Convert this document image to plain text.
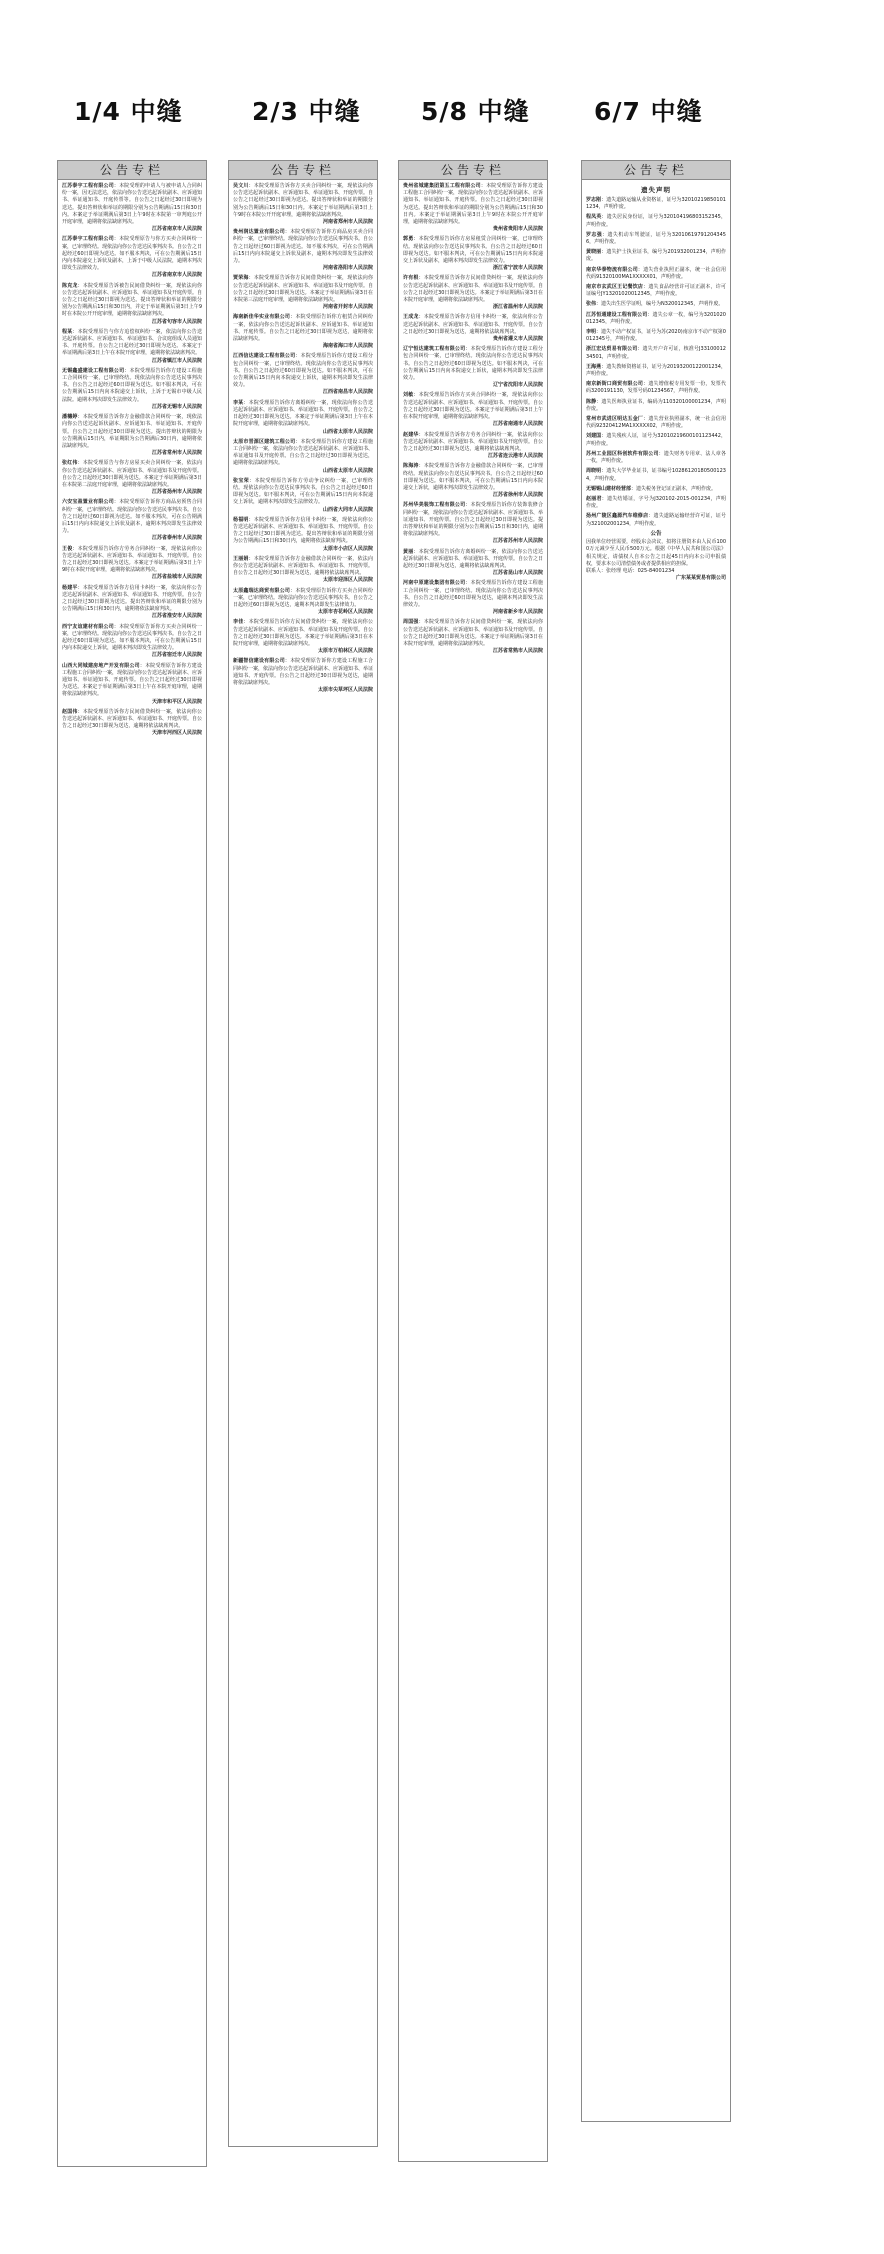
1/4 中缝	2/3 中缝 5/8 中缝	6/7 中缝
公告专栏
江苏泰宇工程有限公司：本院受理的申请人与被申请人合同纠纷一案，因无法送达，依法向你公告送达起诉状副本、应诉通知书、举证通知书、开庭传票等。自公告之日起经过30日即视为送达。提出答辩状和举证的期限分别为公告期满后15日和30日内。本案定于举证期满后第3日上午9时在本院第一审判庭公开开庭审理，逾期将依法缺席判决。
江苏省南京市人民法院
江苏泰宇工程有限公司：本院受理原告与你方买卖合同纠纷一案，已审理终结。现依法向你公告送达民事判决书。自公告之日起经过60日即视为送达。如不服本判决，可在公告期满后15日内向本院递交上诉状及副本，上诉于中级人民法院，逾期本判决即发生法律效力。
江苏省南京市人民法院
陈克龙：本院受理原告诉被告民间借贷纠纷一案，现依法向你公告送达起诉状副本、应诉通知书、举证通知书及开庭传票。自公告之日起经过30日即视为送达。提出答辩状和举证的期限分别为公告期满后15日和30日内，并定于举证期满后第3日上午9时在本院公开开庭审理，逾期将依法缺席判决。
江苏省句容市人民法院
程某：本院受理原告与你方追偿权纠纷一案，依法向你公告送达起诉状副本、应诉通知书、举证通知书、合议庭组成人员通知书、开庭传票。自公告之日起经过30日即视为送达。本案定于举证期满后第3日上午在本院开庭审理，逾期将依法缺席判决。
江苏省镇江市人民法院
无锡鑫盛建设工程有限公司：本院受理原告诉你方建设工程施工合同纠纷一案，已审理终结。现依法向你公告送达民事判决书。自公告之日起经过60日即视为送达。如不服本判决，可在公告期满后15日内向本院递交上诉状，上诉于无锡市中级人民法院。逾期本判决即发生法律效力。
江苏省无锡市人民法院
潘穗婷：本院受理原告诉你方金融借款合同纠纷一案，现依法向你公告送达起诉状副本、应诉通知书、举证通知书、开庭传票。自公告之日起经过30日即视为送达。提出答辩状的期限为公告期满后15日内，举证期限为公告期满后30日内，逾期将依法缺席判决。
江苏省常州市人民法院
张红伟：本院受理原告与你方房屋买卖合同纠纷一案，依法向你公告送达起诉状副本、应诉通知书、举证通知书及开庭传票。自公告之日起经过30日即视为送达。本案定于举证期满后第3日在本院第二法庭开庭审理，逾期将依法缺席判决。
江苏省扬州市人民法院
六安宝盈置业有限公司：本院受理原告诉你方商品房预售合同纠纷一案，已审理终结。现依法向你公告送达民事判决书。自公告之日起经过60日即视为送达。如不服本判决，可在公告期满后15日内向本院递交上诉状及副本，逾期本判决即发生法律效力。
江苏省泰州市人民法院
王俊：本院受理原告诉你方劳务合同纠纷一案，现依法向你公告送达起诉状副本、应诉通知书、举证通知书、开庭传票。自公告之日起经过30日即视为送达。本案定于举证期满后第3日上午9时在本院开庭审理，逾期将依法缺席判决。
江苏省盐城市人民法院
杨建平：本院受理原告诉你方信用卡纠纷一案，依法向你公告送达起诉状副本、应诉通知书、举证通知书、开庭传票。自公告之日起经过30日即视为送达。提出答辩状和举证的期限分别为公告期满后15日和30日内，逾期将依法缺席判决。
江苏省淮安市人民法院
西宁友谊建材有限公司：本院受理原告诉你方买卖合同纠纷一案，已审理终结。现依法向你公告送达民事判决书。自公告之日起经过60日即视为送达。如不服本判决，可在公告期满后15日内向本院递交上诉状，逾期本判决即发生法律效力。
江苏省宿迁市人民法院
山西大同城建房地产开发有限公司：本院受理原告诉你方建设工程施工合同纠纷一案，现依法向你公告送达起诉状副本、应诉通知书、举证通知书、开庭传票。自公告之日起经过30日即视为送达。本案定于举证期满后第3日上午在本院开庭审理，逾期将依法缺席判决。
天津市和平区人民法院
赵国伟：本院受理原告诉你方民间借贷纠纷一案，依法向你公告送达起诉状副本、应诉通知书、举证通知书、开庭传票。自公告之日起经过30日即视为送达，逾期将依法缺席判决。
天津市河西区人民法院
公告专栏
吴文川：本院受理原告诉你方买卖合同纠纷一案，现依法向你公告送达起诉状副本、应诉通知书、举证通知书、开庭传票。自公告之日起经过30日即视为送达。提出答辩状和举证的期限分别为公告期满后15日和30日内。本案定于举证期满后第3日上午9时在本院公开开庭审理，逾期将依法缺席判决。
河南省郑州市人民法院
贵州润达置业有限公司：本院受理原告诉你方商品房买卖合同纠纷一案，已审理终结。现依法向你公告送达民事判决书。自公告之日起经过60日即视为送达。如不服本判决，可在公告期满后15日内向本院递交上诉状及副本，逾期本判决即发生法律效力。
河南省洛阳市人民法院
贾荣海：本院受理原告诉你方民间借贷纠纷一案，现依法向你公告送达起诉状副本、应诉通知书、举证通知书及开庭传票。自公告之日起经过30日即视为送达。本案定于举证期满后第3日在本院第三法庭开庭审理，逾期将依法缺席判决。
河南省开封市人民法院
海南新佳华实业有限公司：本院受理原告诉你方租赁合同纠纷一案，依法向你公告送达起诉状副本、应诉通知书、举证通知书、开庭传票。自公告之日起经过30日即视为送达，逾期将依法缺席判决。
海南省海口市人民法院
江西信达建设工程有限公司：本院受理原告诉你方建设工程分包合同纠纷一案，已审理终结。现依法向你公告送达民事判决书。自公告之日起经过60日即视为送达。如不服本判决，可在公告期满后15日内向本院递交上诉状，逾期本判决即发生法律效力。
江西省南昌市人民法院
李某：本院受理原告诉你方离婚纠纷一案，现依法向你公告送达起诉状副本、应诉通知书、举证通知书、开庭传票。自公告之日起经过30日即视为送达。本案定于举证期满后第3日上午在本院开庭审理，逾期将依法缺席判决。
山西省太原市人民法院
太原市晋源区建筑工程公司：本院受理原告诉你方建设工程施工合同纠纷一案，依法向你公告送达起诉状副本、应诉通知书、举证通知书及开庭传票。自公告之日起经过30日即视为送达，逾期将依法缺席判决。
山西省太原市人民法院
张宝荣：本院受理原告诉你方劳动争议纠纷一案，已审理终结。现依法向你公告送达民事判决书。自公告之日起经过60日即视为送达。如不服本判决，可在公告期满后15日内向本院递交上诉状，逾期本判决即发生法律效力。
山西省大同市人民法院
杨福明：本院受理原告诉你方信用卡纠纷一案，现依法向你公告送达起诉状副本、应诉通知书、举证通知书、开庭传票。自公告之日起经过30日即视为送达。提出答辩状和举证的期限分别为公告期满后15日和30日内，逾期将依法缺席判决。
太原市小店区人民法院
王丽娟：本院受理原告诉你方金融借款合同纠纷一案，依法向你公告送达起诉状副本、应诉通知书、举证通知书、开庭传票。自公告之日起经过30日即视为送达，逾期将依法缺席判决。
太原市迎泽区人民法院
太原鑫瑞达商贸有限公司：本院受理原告诉你方买卖合同纠纷一案，已审理终结。现依法向你公告送达民事判决书。自公告之日起经过60日即视为送达，逾期本判决即发生法律效力。
太原市杏花岭区人民法院
李佳：本院受理原告诉你方民间借贷纠纷一案，现依法向你公告送达起诉状副本、应诉通知书、举证通知书及开庭传票。自公告之日起经过30日即视为送达。本案定于举证期满后第3日在本院开庭审理，逾期将依法缺席判决。
太原市万柏林区人民法院
新疆智信建设有限公司：本院受理原告诉你方建设工程施工合同纠纷一案，依法向你公告送达起诉状副本、应诉通知书、举证通知书、开庭传票。自公告之日起经过30日即视为送达，逾期将依法缺席判决。
太原市尖草坪区人民法院
公告专栏
贵州省城建集团第五工程有限公司：本院受理原告诉你方建设工程施工合同纠纷一案，现依法向你公告送达起诉状副本、应诉通知书、举证通知书、开庭传票。自公告之日起经过30日即视为送达。提出答辩状和举证的期限分别为公告期满后15日和30日内。本案定于举证期满后第3日上午9时在本院公开开庭审理，逾期将依法缺席判决。
贵州省贵阳市人民法院
郭勇：本院受理原告诉你方房屋租赁合同纠纷一案，已审理终结。现依法向你公告送达民事判决书。自公告之日起经过60日即视为送达。如不服本判决，可在公告期满后15日内向本院递交上诉状及副本，逾期本判决即发生法律效力。
浙江省宁波市人民法院
许有根：本院受理原告诉你方民间借贷纠纷一案，现依法向你公告送达起诉状副本、应诉通知书、举证通知书及开庭传票。自公告之日起经过30日即视为送达。本案定于举证期满后第3日在本院开庭审理，逾期将依法缺席判决。
浙江省温州市人民法院
王成龙：本院受理原告诉你方信用卡纠纷一案，依法向你公告送达起诉状副本、应诉通知书、举证通知书、开庭传票。自公告之日起经过30日即视为送达，逾期将依法缺席判决。
贵州省遵义市人民法院
辽宁恒达建筑工程有限公司：本院受理原告诉你方建设工程分包合同纠纷一案，已审理终结。现依法向你公告送达民事判决书。自公告之日起经过60日即视为送达。如不服本判决，可在公告期满后15日内向本院递交上诉状，逾期本判决即发生法律效力。
辽宁省沈阳市人民法院
刘敏：本院受理原告诉你方买卖合同纠纷一案，现依法向你公告送达起诉状副本、应诉通知书、举证通知书、开庭传票。自公告之日起经过30日即视为送达。本案定于举证期满后第3日上午在本院开庭审理，逾期将依法缺席判决。
江苏省南通市人民法院
赵建华：本院受理原告诉你方劳务合同纠纷一案，依法向你公告送达起诉状副本、应诉通知书、举证通知书及开庭传票。自公告之日起经过30日即视为送达，逾期将依法缺席判决。
江苏省连云港市人民法院
陈海涛：本院受理原告诉你方金融借款合同纠纷一案，已审理终结。现依法向你公告送达民事判决书。自公告之日起经过60日即视为送达。如不服本判决，可在公告期满后15日内向本院递交上诉状，逾期本判决即发生法律效力。
江苏省徐州市人民法院
苏州华美装饰工程有限公司：本院受理原告诉你方装饰装修合同纠纷一案，现依法向你公告送达起诉状副本、应诉通知书、举证通知书、开庭传票。自公告之日起经过30日即视为送达。提出答辩状和举证的期限分别为公告期满后15日和30日内，逾期将依法缺席判决。
江苏省苏州市人民法院
黄丽：本院受理原告诉你方离婚纠纷一案，依法向你公告送达起诉状副本、应诉通知书、举证通知书、开庭传票。自公告之日起经过30日即视为送达，逾期将依法缺席判决。
江苏省昆山市人民法院
河南中原建设集团有限公司：本院受理原告诉你方建设工程施工合同纠纷一案，已审理终结。现依法向你公告送达民事判决书。自公告之日起经过60日即视为送达，逾期本判决即发生法律效力。
河南省新乡市人民法院
周国强：本院受理原告诉你方民间借贷纠纷一案，现依法向你公告送达起诉状副本、应诉通知书、举证通知书及开庭传票。自公告之日起经过30日即视为送达。本案定于举证期满后第3日在本院开庭审理，逾期将依法缺席判决。
江苏省常熟市人民法院
公告专栏
遗失声明
罗志刚：遗失道路运输从业资格证，证号为320102198501011234，声明作废。
程凤英：遗失居民身份证，证号为320104196803152345，声明作废。
罗志强：遗失机动车驾驶证，证号为320106197912043456，声明作废。
黄晓丽：遗失护士执业证书，编号为201932001234，声明作废。
南京华泰物流有限公司：遗失营业执照正副本，统一社会信用代码91320100MA1XXXXX01，声明作废。
南京市玄武区王记餐饮店：遗失食品经营许可证正副本，许可证编号JY13201020012345，声明作废。
张伟：遗失出生医学证明，编号为N320012345，声明作废。
江苏恒通建设工程有限公司：遗失公章一枚，编号为3201020012345，声明作废。
李明：遗失不动产权证书，证号为苏(2020)南京市不动产权第0012345号，声明作废。
浙江宏达贸易有限公司：遗失开户许可证，核准号J3310001234501，声明作废。
王海燕：遗失教师资格证书，证号为20193200122001234，声明作废。
南京新街口商贸有限公司：遗失增值税专用发票一份，发票代码3200191130，发票号码01234567，声明作废。
陈静：遗失医师执业证书，编码为110320100001234，声明作废。
常州市武进区明达五金厂：遗失营业执照副本，统一社会信用代码92320412MA1XXXXX02，声明作废。
刘建国：遗失残疾人证，证号为32010219600101123442，声明作废。
苏州工业园区科创软件有限公司：遗失财务专用章、法人章各一枚，声明作废。
周晓明：遗失大学毕业证书，证书编号102861201805001234，声明作废。
无锡锡山建材经营部：遗失税务登记证正副本，声明作废。
赵丽君：遗失结婚证，字号为J320102-2015-001234，声明作废。
扬州广陵区鑫源汽车维修店：遗失道路运输经营许可证，证号为321002001234，声明作废。
公告
因我单位经营需要，经股东会决议，拟将注册资本由人民币1000万元减少至人民币500万元。根据《中华人民共和国公司法》相关规定，请债权人自本公告之日起45日内向本公司申报债权，要求本公司清偿债务或者提供相应的担保。
联系人：张经理 电话：025-84001234
广东某某贸易有限公司
